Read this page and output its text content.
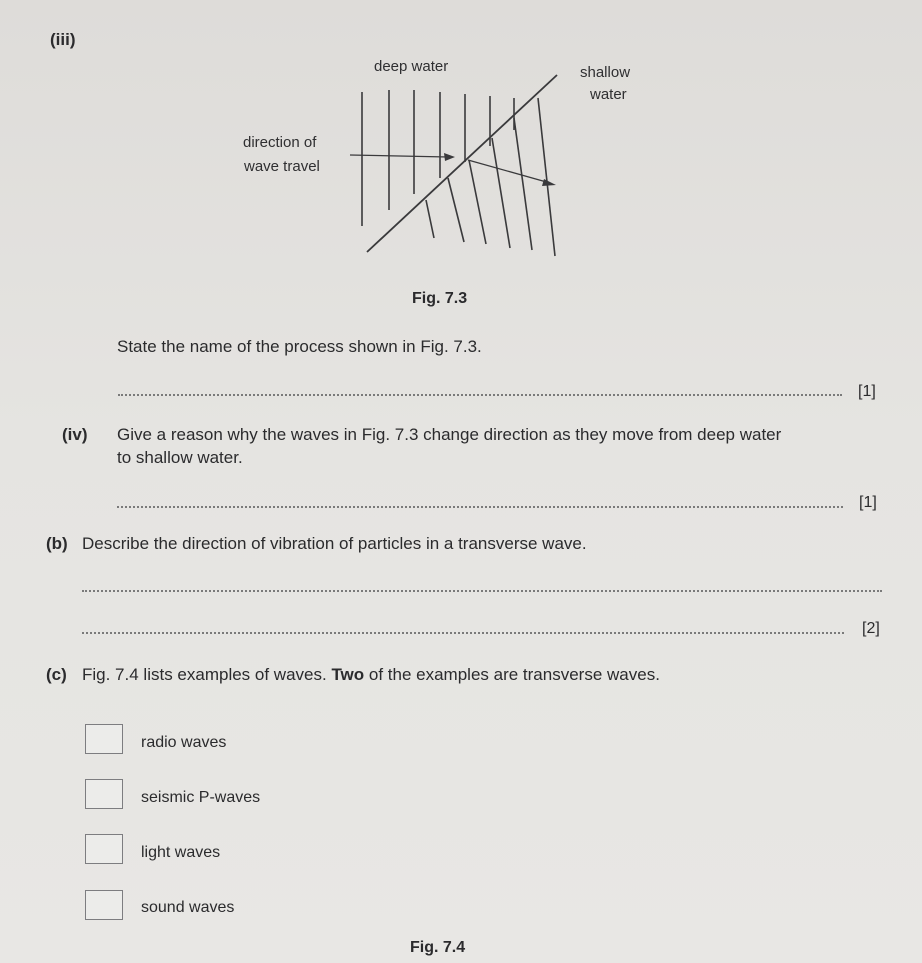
(iii)
deep water	shallow
water
direction of
wave travel
Fig. 7.3
State the name of the process shown in Fig. 7.3.
[1]
(iv) Give a reason why the waves in Fig. 7.3 change direction as they move from deep water
to shallow water.
[1]
(b) Describe the direction of vibration of particles in a transverse wave.
[2]
(c) Fig. 7.4 lists examples of waves. Two of the examples are transverse waves.
radio waves
seismic P-waves
light waves
sound waves
Fig. 7.4
